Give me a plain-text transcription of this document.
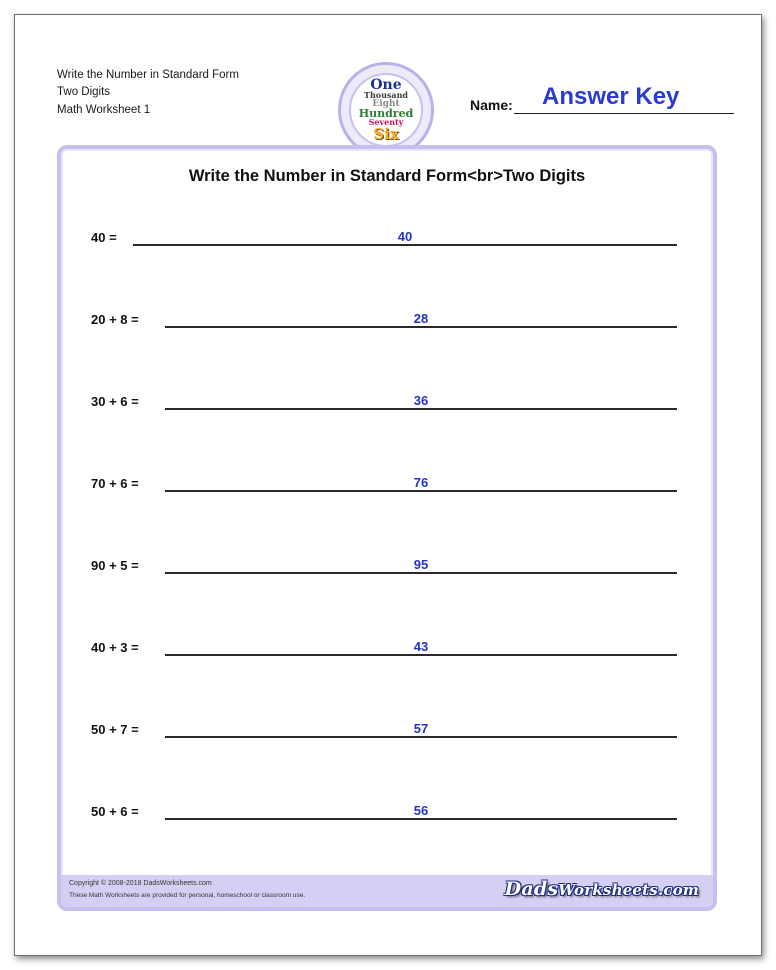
Write the Number in Standard Form
Two Digits
Math Worksheet 1
One
Thousand
Eight
Hundred
Seventy
Six
Name: Answer Key
Write the Number in Standard Form<br>Two Digits
40 =	40
20 + 8 =	28
30 + 6 =	36
70 + 6 =	76
90 + 5 =	95
40 + 3 =	43
50 + 7 =	57
50 + 6 =	56
Copyright © 2008-2018 DadsWorksheets.com
These Math Worksheets are provided for personal, homeschool or classroom use.	DadsWorksheets.com
